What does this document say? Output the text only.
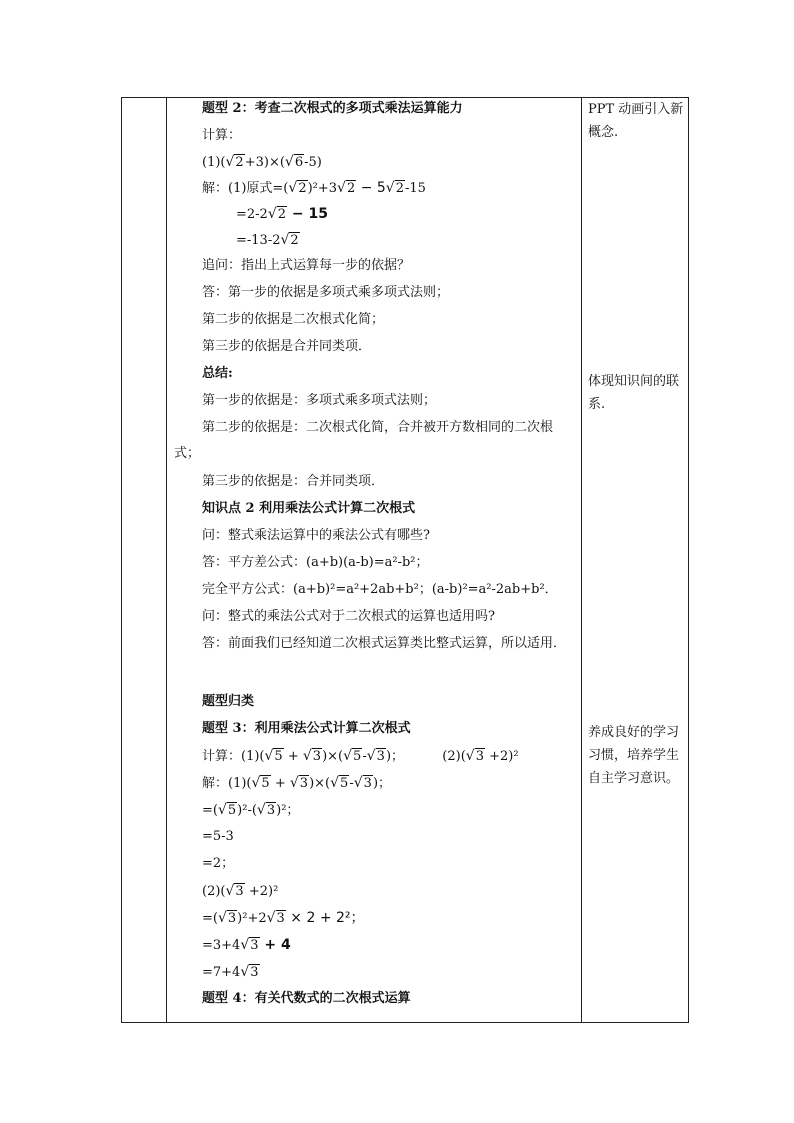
题型 2：考查二次根式的多项式乘法运算能力
计算：
(1)(√2+3)×(√6-5)
解：(1)原式=(√2)²+3√2 − 5√2-15
=2-2√2 − 15
=-13-2√2
追问：指出上式运算每一步的依据？
答：第一步的依据是多项式乘多项式法则；
第二步的依据是二次根式化简；
第三步的依据是合并同类项．
总结:
第一步的依据是：多项式乘多项式法则；
第二步的依据是：二次根式化简，合并被开方数相同的二次根式；
第三步的依据是：合并同类项．
知识点 2 利用乘法公式计算二次根式
问：整式乘法运算中的乘法公式有哪些?
答：平方差公式：(a+b)(a-b)=a²-b²；
完全平方公式：(a+b)²=a²+2ab+b²；(a-b)²=a²-2ab+b²．
问：整式的乘法公式对于二次根式的运算也适用吗?
答：前面我们已经知道二次根式运算类比整式运算，所以适用．
题型归类
题型 3：利用乘法公式计算二次根式
计算：(1)(√5 + √3)×(√5-√3)；	(2)(√3 +2)²
解：(1)(√5 + √3)×(√5-√3)；
=(√5)²-(√3)²；
=5-3
=2；
(2)(√3 +2)²
=(√3)²+2√3 × 2 + 2²；
=3+4√3 + 4
=7+4√3
题型 4：有关代数式的二次根式运算
PPT 动画引入新概念.
体现知识间的联系.
养成良好的学习习惯，培养学生自主学习意识。
